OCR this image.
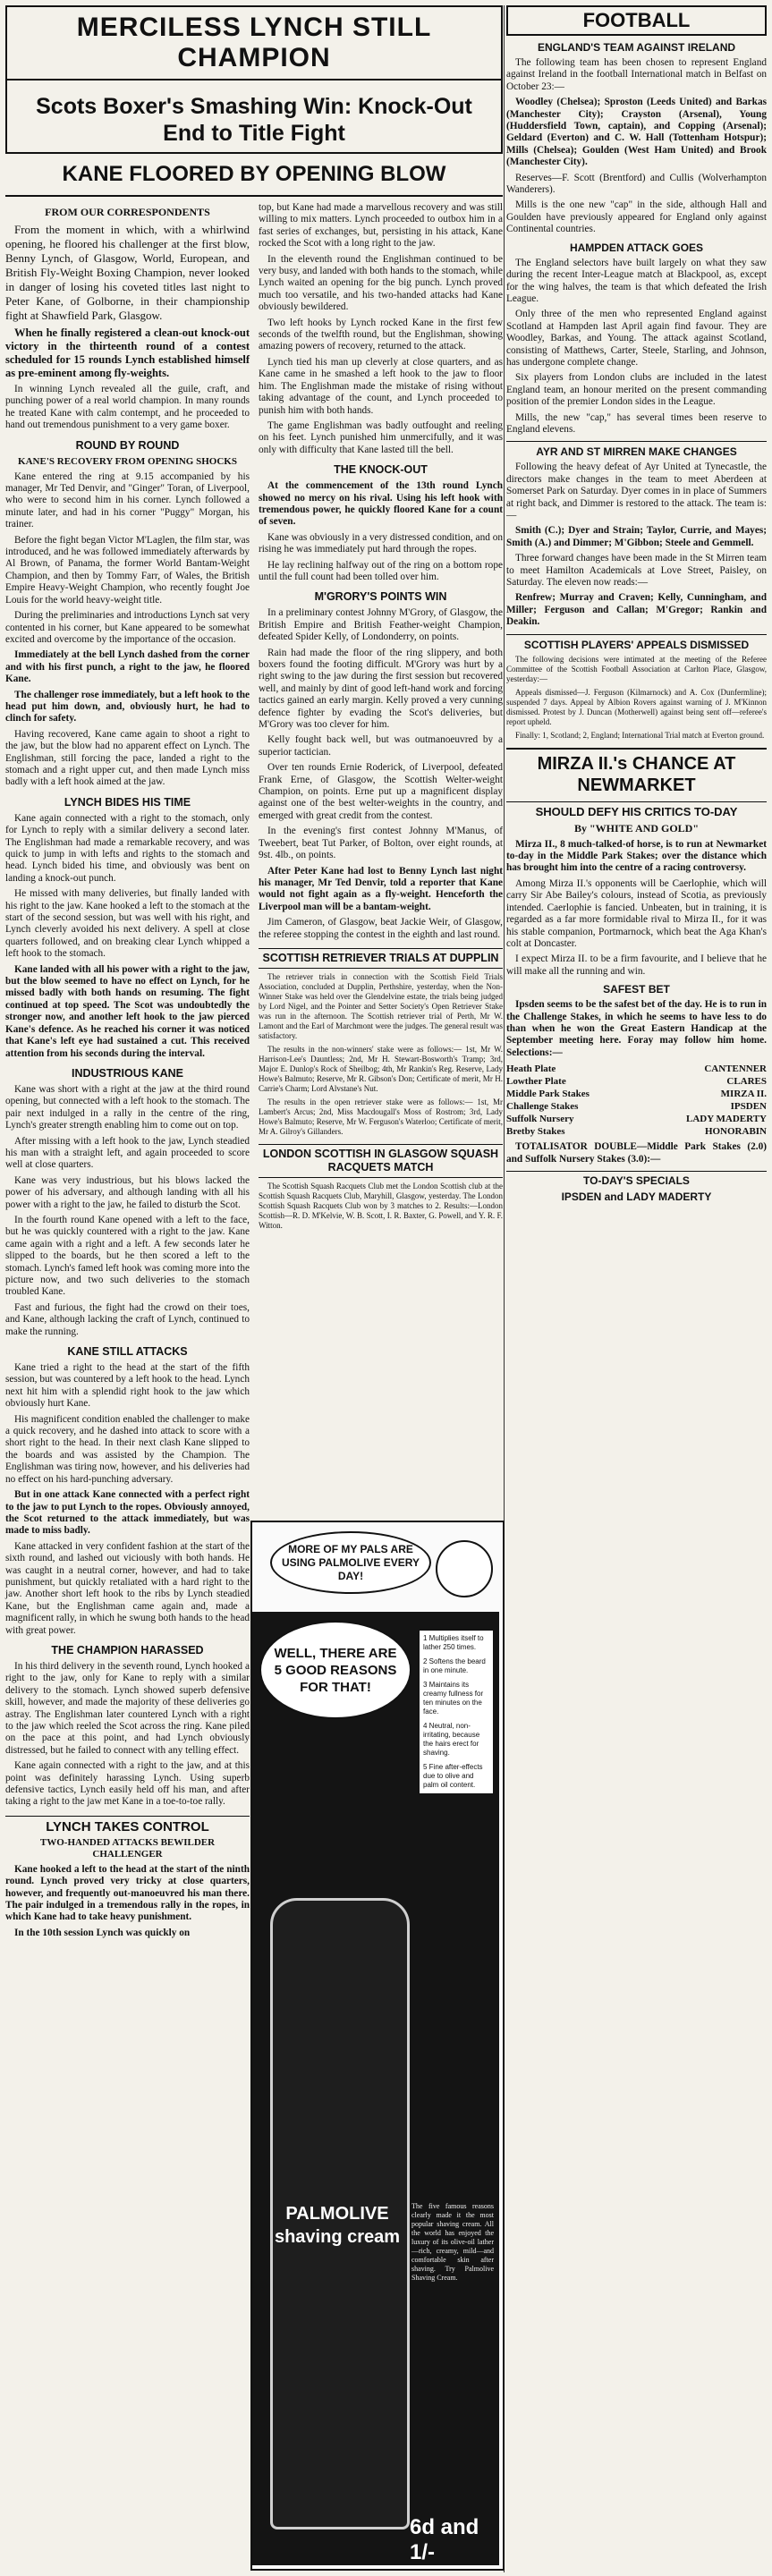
MERCILESS LYNCH STILL CHAMPION
Scots Boxer's Smashing Win: Knock-Out End to Title Fight
KANE FLOORED BY OPENING BLOW
FROM OUR CORRESPONDENTS

From the moment in which, with a whirlwind opening, he floored his challenger at the first blow, Benny Lynch, of Glasgow, World, European, and British Fly-Weight Boxing Champion, never looked in danger of losing his coveted titles last night to Peter Kane, of Golborne, in their championship fight at Shawfield Park, Glasgow.

When he finally registered a clean-out knock-out victory in the thirteenth round of a contest scheduled for 15 rounds Lynch established himself as pre-eminent among fly-weights.

In winning Lynch revealed all the guile, craft, and punching power of a real world champion. In many rounds he treated Kane with calm contempt, and he proceeded to hand out tremendous punishment to a very game boxer.

ROUND BY ROUND
KANE'S RECOVERY FROM OPENING SHOCKS

Kane entered the ring at 9.15 accompanied by his manager, Mr Ted Denvir, and "Ginger" Toran, of Liverpool, who were to second him in his corner. Lynch followed a minute later, and had in his corner "Puggy" Morgan, his trainer.

Before the fight began Victor M'Laglen, the film star, was introduced, and he was followed immediately afterwards by Al Brown, of Panama, the former World Bantam-Weight Champion, and then by Tommy Farr, of Wales, the British Empire Heavy-Weight Champion, who recently fought Joe Louis for the world heavy-weight title.

During the preliminaries and introductions Lynch sat very contented in his corner, but Kane appeared to be somewhat excited and overcome by the importance of the occasion.

Immediately at the bell Lynch dashed from the corner and with his first punch, a right to the jaw, he floored Kane.

The challenger rose immediately, but a left hook to the head put him down, and, obviously hurt, he had to clinch for safety.

Having recovered, Kane came again to shoot a right to the jaw, but the blow had no apparent effect on Lynch. The Englishman, still forcing the pace, landed a right to the stomach and a right upper cut, and then made Lynch miss badly with a left hook aimed at the jaw.

LYNCH BIDES HIS TIME

Kane again connected with a right to the stomach, only for Lynch to reply with a similar delivery a second later. The Englishman had made a remarkable recovery, and was quick to jump in with lefts and rights to the stomach and head. Lynch bided his time, and obviously was bent on landing a knock-out punch.

He missed with many deliveries, but finally landed with his right to the jaw. Kane hooked a left to the stomach at the start of the second session, but was well with his right, and Lynch cleverly avoided his next delivery. A spell at close quarters followed, and on breaking clear Lynch whipped a left hook to the stomach.

Kane landed with all his power with a right to the jaw, but the blow seemed to have no effect on Lynch, for he missed badly with both hands on resuming. The fight continued at top speed. The Scot was undoubtedly the stronger now, and another left hook to the jaw pierced Kane's defence. As he reached his corner it was noticed that Kane's left eye had sustained a cut. This received attention from his seconds during the interval.

INDUSTRIOUS KANE

Kane was short with a right at the jaw at the third round opening, but connected with a left hook to the stomach. The pair next indulged in a rally in the centre of the ring, Lynch's greater strength enabling him to come out on top.

After missing with a left hook to the jaw, Lynch steadied his man with a straight left, and again proceeded to score well at close quarters.

Kane was very industrious, but his blows lacked the power of his adversary, and although landing with all his power with a right to the jaw, he failed to disturb the Scot.

In the fourth round Kane opened with a left to the face, but he was quickly countered with a right to the jaw. Kane came again with a right and a left. A few seconds later he slipped to the boards, but he then scored a left to the stomach. Lynch's famed left hook was coming more into the picture now, and two such deliveries to the stomach troubled Kane.

Fast and furious, the fight had the crowd on their toes, and Kane, although lacking the craft of Lynch, continued to make the running.

KANE STILL ATTACKS

Kane tried a right to the head at the start of the fifth session, but was countered by a left hook to the head. Lynch next hit him with a splendid right hook to the jaw which obviously hurt Kane.

His magnificent condition enabled the challenger to make a quick recovery, and he dashed into attack to score with a short right to the head. In their next clash Kane slipped to the boards and was assisted by the Champion. The Englishman was tiring now, however, and his deliveries had no effect on his hard-punching adversary.

But in one attack Kane connected with a perfect right to the jaw to put Lynch to the ropes. Obviously annoyed, the Scot returned to the attack immediately, but was made to miss badly.

Kane attacked in very confident fashion at the start of the sixth round, and lashed out viciously with both hands. He was caught in a neutral corner, however, and had to take punishment, but quickly retaliated with a hard right to the jaw. Another short left hook to the ribs by Lynch steadied Kane, but the Englishman came again and, made a magnificent rally, in which he swung both hands to the head with great power.

THE CHAMPION HARASSED

In his third delivery in the seventh round, Lynch hooked a right to the jaw, only for Kane to reply with a similar delivery to the stomach. Lynch showed superb defensive skill, however, and made the majority of these deliveries go astray. The Englishman later countered Lynch with a right to the jaw which reeled the Scot across the ring. Kane piled on the pace at this point, and had Lynch obviously distressed, but he failed to connect with any telling effect.

Kane again connected with a right to the jaw, and at this point was definitely harassing Lynch. Using superb defensive tactics, Lynch easily held off his man, and after taking a right to the jaw met Kane in a toe-to-toe rally.

LYNCH TAKES CONTROL
TWO-HANDED ATTACKS BEWILDER CHALLENGER

Kane hooked a left to the head at the start of the ninth round. Lynch proved very tricky at close quarters, however, and frequently out-manoeuvred his man there. The pair indulged in a tremendous rally in the ropes, in which Kane had to take heavy punishment.

In the 10th session Lynch was quickly on

top, but Kane had made a marvellous recovery and was still willing to mix matters. Lynch proceeded to outbox him in a fast series of exchanges, but, persisting in his attack, Kane rocked the Scot with a long right to the jaw.

In the eleventh round the Englishman continued to be very busy, and landed with both hands to the stomach, while Lynch waited an opening for the big punch. Lynch proved much too versatile, and his two-handed attacks had Kane obviously bewildered.

Two left hooks by Lynch rocked Kane in the first few seconds of the twelfth round, but the Englishman, showing amazing powers of recovery, returned to the attack.

Lynch tied his man up cleverly at close quarters, and as Kane came in he smashed a left hook to the jaw to floor him. The Englishman made the mistake of rising without taking advantage of the count, and Lynch proceeded to punish him with both hands.

The game Englishman was badly outfought and reeling on his feet. Lynch punished him unmercifully, and it was only with difficulty that Kane lasted till the bell.

THE KNOCK-OUT

At the commencement of the 13th round Lynch showed no mercy on his rival. Using his left hook with tremendous power, he quickly floored Kane for a count of seven.

Kane was obviously in a very distressed condition, and on rising he was immediately put hard through the ropes.

He lay reclining halfway out of the ring on a bottom rope until the full count had been tolled over him.

M'GRORY'S POINTS WIN

In a preliminary contest Johnny M'Grory, of Glasgow, the British Empire and British Feather-weight Champion, defeated Spider Kelly, of Londonderry, on points.

Rain had made the floor of the ring slippery, and both boxers found the footing difficult. M'Grory was hurt by a right swing to the jaw during the first session but recovered well, and mainly by dint of good left-hand work and forcing tactics gained an early margin. Kelly proved a very cunning defence fighter by evading the Scot's deliveries, but M'Grory was too clever for him.

Kelly fought back well, but was outmanoeuvred by a superior tactician.

Over ten rounds Ernie Roderick, of Liverpool, defeated Frank Erne, of Glasgow, the Scottish Welter-weight Champion, on points. Erne put up a magnificent display against one of the best welter-weights in the country, and emerged with great credit from the contest.

In the evening's first contest Johnny M'Manus, of Tweebert, beat Tut Parker, of Bolton, over eight rounds, at 9st. 4lb., on points.

After Peter Kane had lost to Benny Lynch last night his manager, Mr Ted Denvir, told a reporter that Kane would not fight again as a fly-weight. Henceforth the Liverpool man will be a bantam-weight.

Jim Cameron, of Glasgow, beat Jackie Weir, of Glasgow, the referee stopping the contest in the eighth and last round.

SCOTTISH RETRIEVER TRIALS AT DUPPLIN

The retriever trials in connection with the Scottish Field Trials Association, concluded at Dupplin, Perthshire, yesterday, when the Non-Winner Stake was held over the Glendelvine estate, the trials being judged by Lord Nigel, and the Pointer and Setter Society's Open Retriever Stake was run in the afternoon. The Scottish retriever trial of Perth, Mr W. Lamont and the Earl of Marchmont were the judges. The general result was satisfactory.

The results in the non-winners' stake were as follows:— 1st, Mr W. Harrison-Lee's Dauntless; 2nd, Mr H. Stewart-Bosworth's Tramp; 3rd, Major E. Dunlop's Rock of Sheilbog; 4th, Mr Rankin's Reg. Reserve, Lady Howe's Balmuto; Reserve, Mr R. Gibson's Don; Certificate of merit, Mr H. Carrie's Charm; Lord Alvstane's Nut.

The results in the open retriever stake were as follows:— 1st, Mr Lambert's Arcus; 2nd, Miss Macdougall's Moss of Rostrom; 3rd, Lady Howe's Balmuto; Reserve, Mr W. Ferguson's Waterloo; Certificate of merit, Mr A. Gilroy's Gillanders.

LONDON SCOTTISH IN GLASGOW SQUASH RACQUETS MATCH

The Scottish Squash Racquets Club met the London Scottish club at the Scottish Squash Racquets Club, Maryhill, Glasgow, yesterday. The London Scottish Squash Racquets Club won by 3 matches to 2. Results:—London Scottish—R. D. M'Kelvie, W. B. Scott, I. R. Baxter, G. Powell, and Y. R. F. Witton.

MORE OF MY PALS ARE USING PALMOLIVE EVERY DAY!
WELL, THERE ARE 5 GOOD REASONS FOR THAT!
1 Multiplies itself to lather 250 times.
2 Softens the beard in one minute.
3 Maintains its creamy fullness for ten minutes on the face.
4 Neutral, non-irritating, because the hairs erect for shaving.
5 Fine after-effects due to olive and palm oil content.
PALMOLIVE shaving cream
The five famous reasons clearly made it the most popular shaving cream. All the world has enjoyed the luxury of its olive-oil lather—rich, creamy, mild—and comfortable skin after shaving. Try Palmolive Shaving Cream.
6d and 1/-
FOOTBALL
ENGLAND'S TEAM AGAINST IRELAND

The following team has been chosen to represent England against Ireland in the football International match in Belfast on October 23:—

Woodley (Chelsea); Sproston (Leeds United) and Barkas (Manchester City); Crayston (Arsenal), Young (Huddersfield Town, captain), and Copping (Arsenal); Geldard (Everton) and C. W. Hall (Tottenham Hotspur); Mills (Chelsea); Goulden (West Ham United) and Brook (Manchester City).

Reserves—F. Scott (Brentford) and Cullis (Wolverhampton Wanderers).

Mills is the one new "cap" in the side, although Hall and Goulden have previously appeared for England only against Continental countries.

HAMPDEN ATTACK GOES

The England selectors have built largely on what they saw during the recent Inter-League match at Blackpool, as, except for the wing halves, the team is that which defeated the Irish League.

Only three of the men who represented England against Scotland at Hampden last April again find favour. They are Woodley, Barkas, and Young. The attack against Scotland, consisting of Matthews, Carter, Steele, Starling, and Johnson, has undergone complete change.

Six players from London clubs are included in the latest England team, an honour merited on the present commanding position of the premier London sides in the League.

Mills, the new "cap," has several times been reserve to England elevens.

AYR AND ST MIRREN MAKE CHANGES

Following the heavy defeat of Ayr United at Tynecastle, the directors make changes in the team to meet Aberdeen at Somerset Park on Saturday. Dyer comes in in place of Summers at right back, and Dimmer is restored to the attack. The team is:—

Smith (C.); Dyer and Strain; Taylor, Currie, and Mayes; Smith (A.) and Dimmer; M'Gibbon; Steele and Gemmell.

Three forward changes have been made in the St Mirren team to meet Hamilton Academicals at Love Street, Paisley, on Saturday. The eleven now reads:—

Renfrew; Murray and Craven; Kelly, Cunningham, and Miller; Ferguson and Callan; M'Gregor; Rankin and Deakin.

SCOTTISH PLAYERS' APPEALS DISMISSED

The following decisions were intimated at the meeting of the Referee Committee of the Scottish Football Association at Carlton Place, Glasgow, yesterday:—

Appeals dismissed—J. Ferguson (Kilmarnock) and A. Cox (Dunfermline); suspended 7 days. Appeal by Albion Rovers against warning of J. M'Kinnon dismissed. Protest by J. Duncan (Motherwell) against being sent off—referee's report upheld.

Finally: 1, Scotland; 2, England; International Trial match at Everton ground.

MIRZA II.'s CHANCE AT NEWMARKET
SHOULD DEFY HIS CRITICS TO-DAY
By "WHITE AND GOLD"

Mirza II., 8 much-talked-of horse, is to run at Newmarket to-day in the Middle Park Stakes; over the distance which has brought him into the centre of a racing controversy.

Among Mirza II.'s opponents will be Caerlophie, which will carry Sir Abe Bailey's colours, instead of Scotia, as previously intended. Caerlophie is fancied. Unbeaten, but in training, it is regarded as a far more formidable rival to Mirza II., for it was his stable companion, Portmarnock, which beat the Aga Khan's colt at Doncaster.

I expect Mirza II. to be a firm favourite, and I believe that he will make all the running and win.

SAFEST BET

Ipsden seems to be the safest bet of the day. He is to run in the Challenge Stakes, in which he seems to have less to do than when he won the Great Eastern Handicap at the September meeting here. Foray may follow him home. Selections:—

Heath Plate	CANTENNER
Lowther Plate	CLARES
Middle Park Stakes	MIRZA II.
Challenge Stakes	IPSDEN
Suffolk Nursery	LADY MADERTY
Bretby Stakes	HONORABIN

TOTALISATOR DOUBLE—Middle Park Stakes (2.0) and Suffolk Nursery Stakes (3.0):—

TO-DAY'S SPECIALS
IPSDEN and LADY MADERTY
